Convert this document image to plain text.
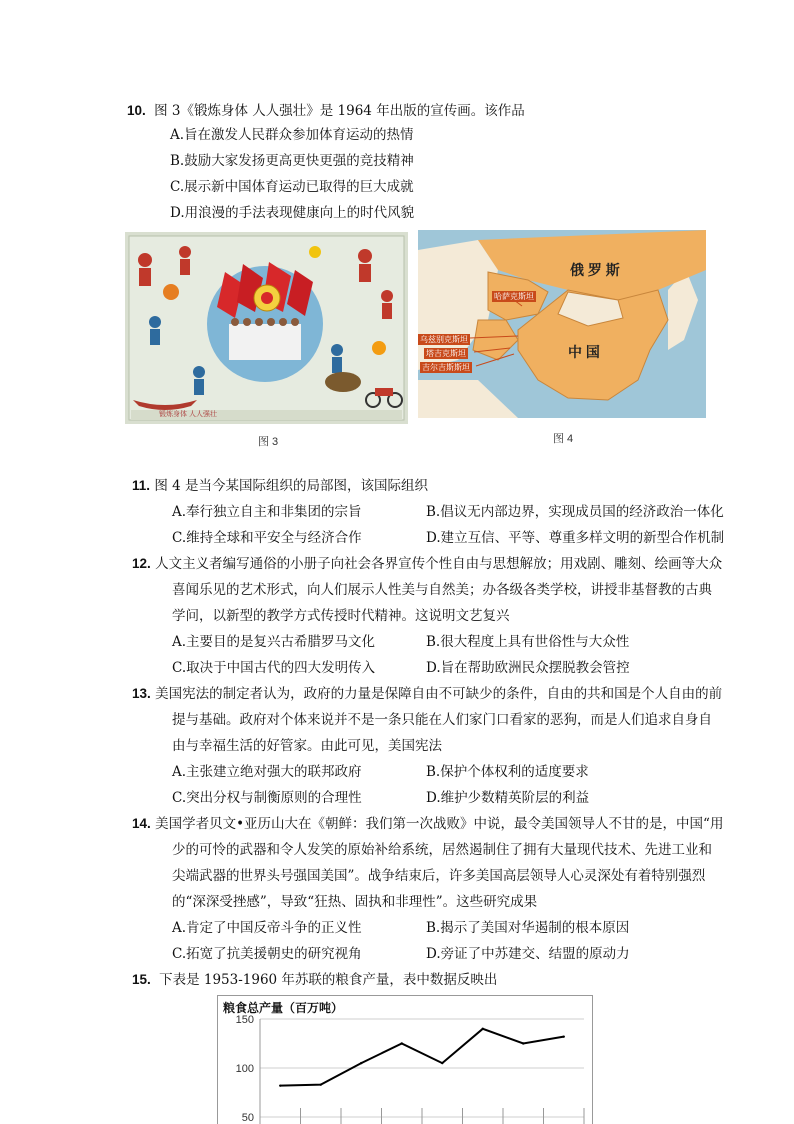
10. 图 3《锻炼身体 人人强壮》是 1964 年出版的宣传画。该作品
A.旨在激发人民群众参加体育运动的热情
B.鼓励大家发扬更高更快更强的竞技精神
C.展示新中国体育运动已取得的巨大成就
D.用浪漫的手法表现健康向上的时代风貌
锻炼身体 人人强壮
图 3
俄 罗 斯
中 国
哈萨克斯坦
乌兹别克斯坦
塔吉克斯坦
吉尔吉斯斯坦
图 4
11. 图 4 是当今某国际组织的局部图，该国际组织
A.奉行独立自主和非集团的宗旨	B.倡议无内部边界，实现成员国的经济政治一体化
C.维持全球和平安全与经济合作	D.建立互信、平等、尊重多样文明的新型合作机制
12. 人文主义者编写通俗的小册子向社会各界宣传个性自由与思想解放；用戏剧、雕刻、绘画等大众
喜闻乐见的艺术形式，向人们展示人性美与自然美；办各级各类学校，讲授非基督教的古典
学问，以新型的教学方式传授时代精神。这说明文艺复兴
A.主要目的是复兴古希腊罗马文化	B.很大程度上具有世俗性与大众性
C.取决于中国古代的四大发明传入	D.旨在帮助欧洲民众摆脱教会管控
13. 美国宪法的制定者认为，政府的力量是保障自由不可缺少的条件，自由的共和国是个人自由的前
提与基础。政府对个体来说并不是一条只能在人们家门口看家的恶狗，而是人们追求自身自
由与幸福生活的好管家。由此可见，美国宪法
A.主张建立绝对强大的联邦政府	B.保护个体权利的适度要求
C.突出分权与制衡原则的合理性	D.维护少数精英阶层的利益
14. 美国学者贝文•亚历山大在《朝鲜：我们第一次战败》中说，最令美国领导人不甘的是，中国“用
少的可怜的武器和令人发笑的原始补给系统，居然遏制住了拥有大量现代技术、先进工业和
尖端武器的世界头号强国美国”。战争结束后，许多美国高层领导人心灵深处有着特别强烈
的“深深受挫感”，导致“狂热、固执和非理性”。这些研究成果
A.肯定了中国反帝斗争的正义性	B.揭示了美国对华遏制的根本原因
C.拓宽了抗美援朝史的研究视角	D.旁证了中苏建交、结盟的原动力
15. 下表是 1953-1960 年苏联的粮食产量，表中数据反映出
粮食总产量（百万吨）
50
100
150
